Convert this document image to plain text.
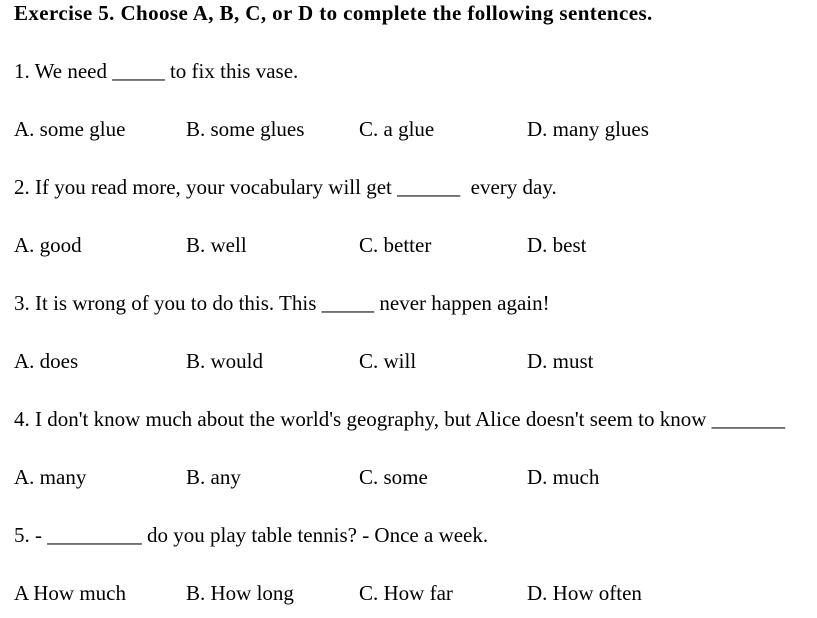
Exercise 5. Choose A, B, C, or D to complete the following sentences.
1. We need _____ to fix this vase.
A. some glue	B. some glues	C. a glue	D. many glues
2. If you read more, your vocabulary will get ______  every day.
A. good	B. well	C. better	D. best
3. It is wrong of you to do this. This _____ never happen again!
A. does	B. would	C. will	D. must
4. I don't know much about the world's geography, but Alice doesn't seem to know _______
A. many	B. any	C. some	D. much
5. - _________ do you play table tennis? - Once a week.
A How much	B. How long	C. How far	D. How often
